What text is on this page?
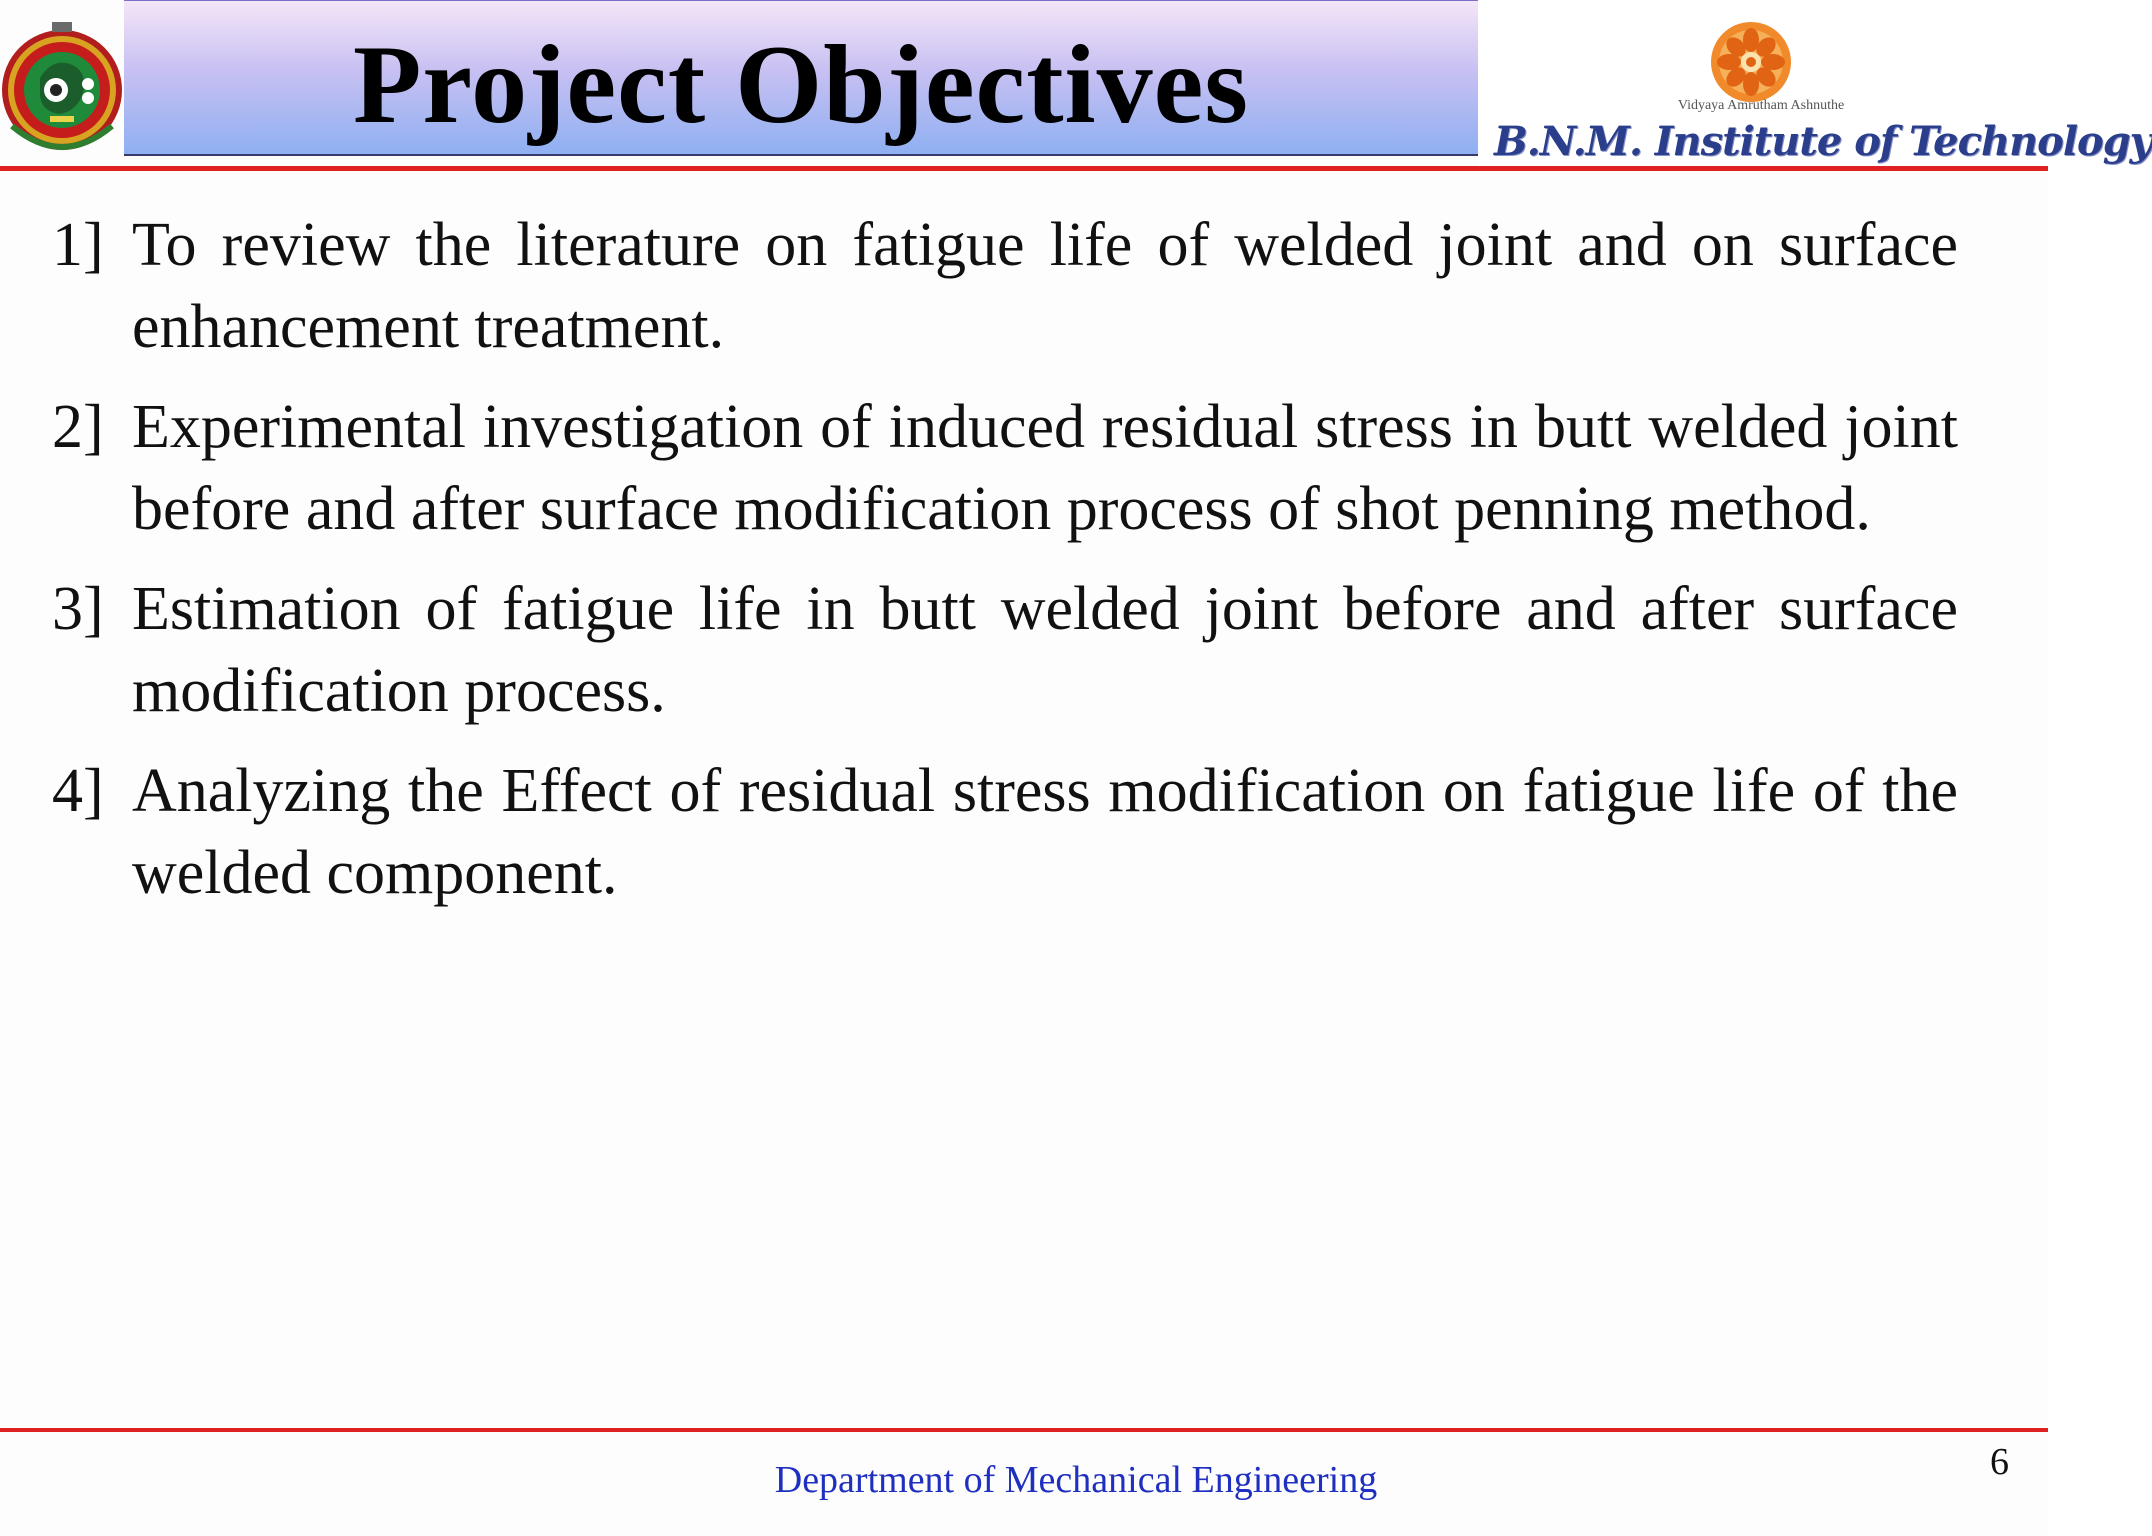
Project Objectives	Vidyaya Amrutham Ashnuthe
B.N.M. Institute of Technology
1] To review the literature on fatigue life of welded joint and on surface enhancement treatment.
2] Experimental investigation of induced residual stress in butt welded joint before and after surface modification process of shot penning method.
3] Estimation of fatigue life in butt welded joint before and after surface modification process.
4] Analyzing the Effect of residual stress modification on fatigue life of the welded component.
Department of Mechanical Engineering	6
